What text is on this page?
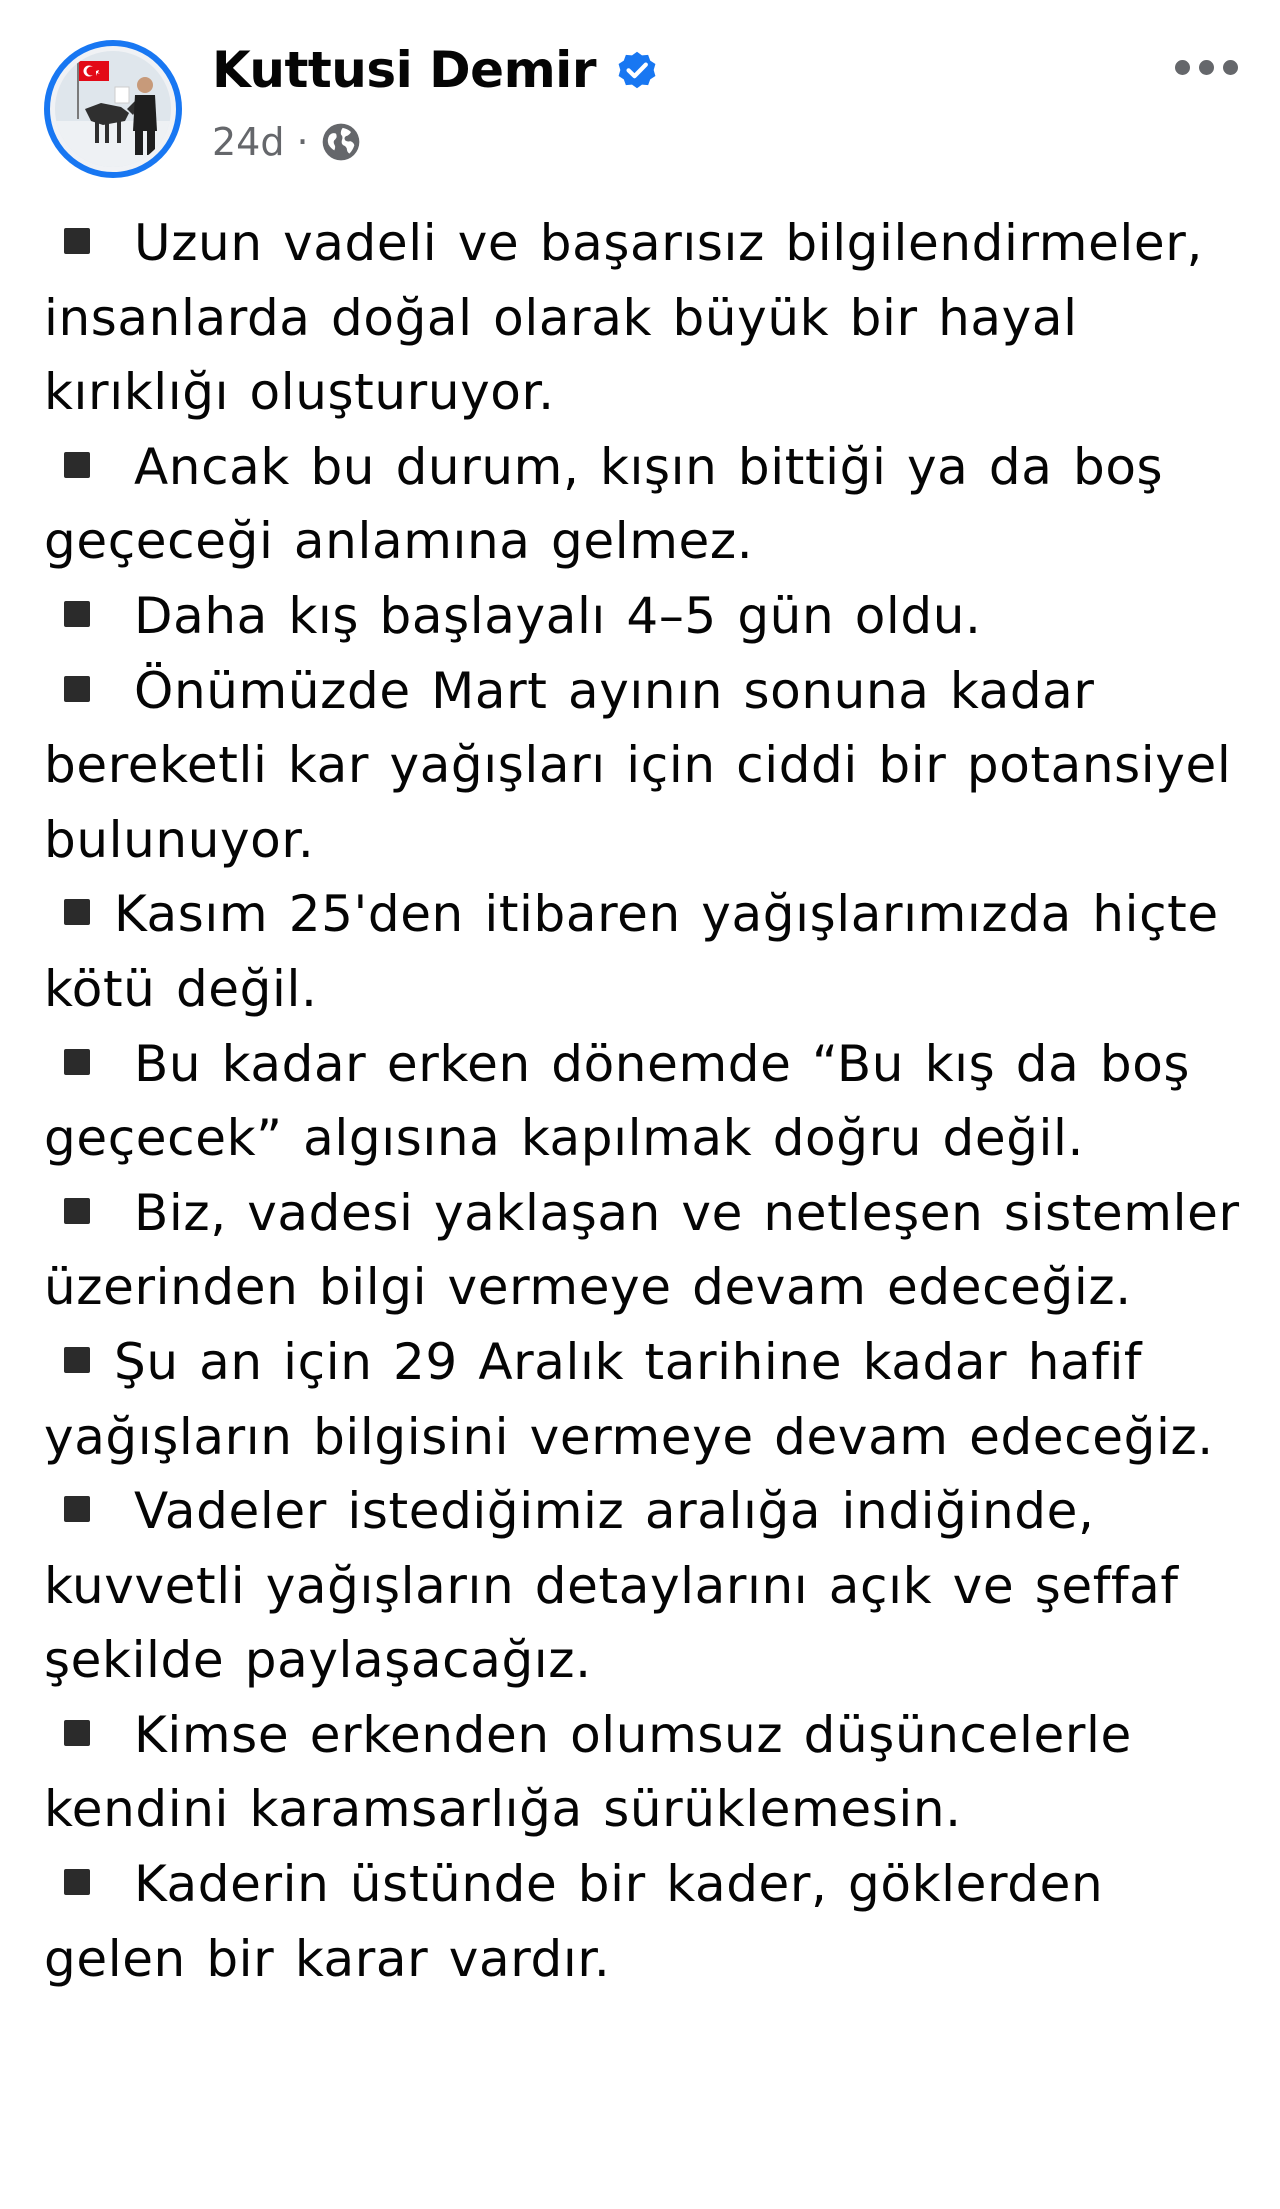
Kuttusi Demir
24d ·

Uzun vadeli ve başarısız bilgilendirmeler, insanlarda doğal olarak büyük bir hayal kırıklığı oluşturuyor.

Ancak bu durum, kışın bittiği ya da boş geçeceği anlamına gelmez.

Daha kış başlayalı 4–5 gün oldu.

Önümüzde Mart ayının sonuna kadar bereketli kar yağışları için ciddi bir potansiyel bulunuyor.

Kasım 25'den itibaren yağışlarımızda hiçte kötü değil.

Bu kadar erken dönemde “Bu kış da boş geçecek” algısına kapılmak doğru değil.

Biz, vadesi yaklaşan ve netleşen sistemler üzerinden bilgi vermeye devam edeceğiz.

Şu an için 29 Aralık tarihine kadar hafif yağışların bilgisini vermeye devam edeceğiz.

Vadeler istediğimiz aralığa indiğinde, kuvvetli yağışların detaylarını açık ve şeffaf şekilde paylaşacağız.

Kimse erkenden olumsuz düşüncelerle kendini karamsarlığa sürüklemesin.

Kaderin üstünde bir kader, göklerden gelen bir karar vardır.
